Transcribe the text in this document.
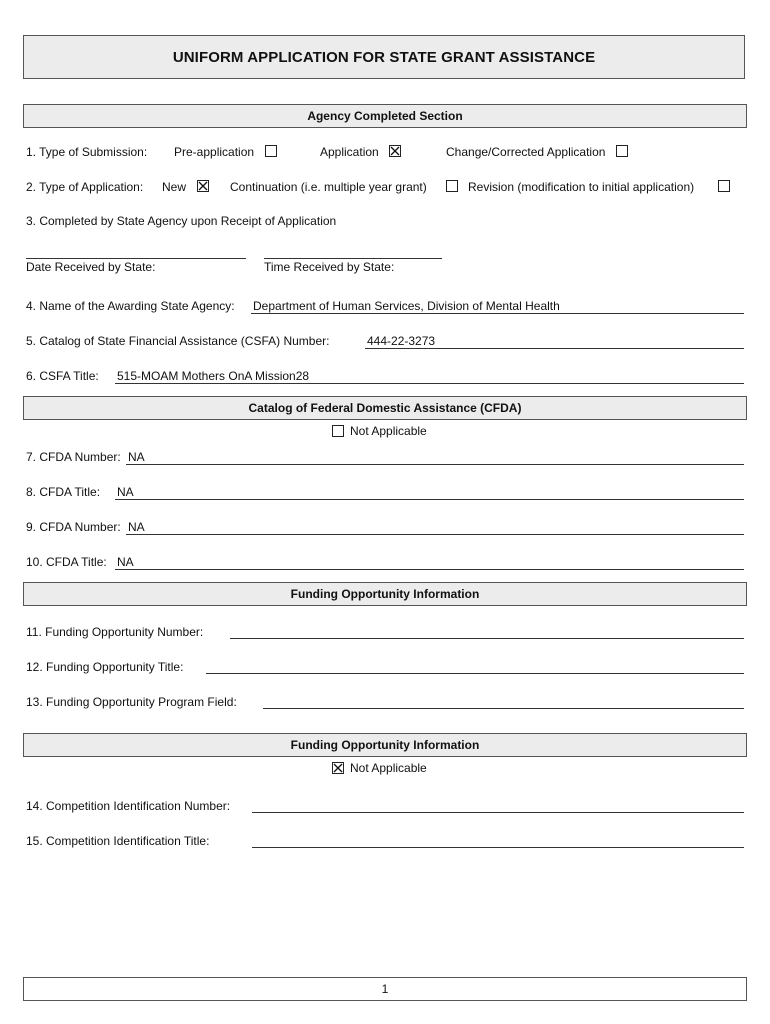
UNIFORM APPLICATION FOR STATE GRANT ASSISTANCE
Agency Completed Section
1. Type of Submission: Pre-application	Application	Change/Corrected Application
2. Type of Application: New	Continuation (i.e. multiple year grant)	Revision (modification to initial application)
3. Completed by State Agency upon Receipt of Application
Date Received by State:	Time Received by State:
4. Name of the Awarding State Agency: Department of Human Services, Division of Mental Health
5. Catalog of State Financial Assistance (CSFA) Number:	444-22-3273
6. CSFA Title: 515-MOAM Mothers OnA Mission28
Catalog of Federal Domestic Assistance (CFDA)
Not Applicable
7. CFDA Number: NA
8. CFDA Title: NA
9. CFDA Number: NA
10. CFDA Title: NA
Funding Opportunity Information
11. Funding Opportunity Number:
12. Funding Opportunity Title:
13. Funding Opportunity Program Field:
Funding Opportunity Information
Not Applicable
14. Competition Identification Number:
15. Competition Identification Title:
1
